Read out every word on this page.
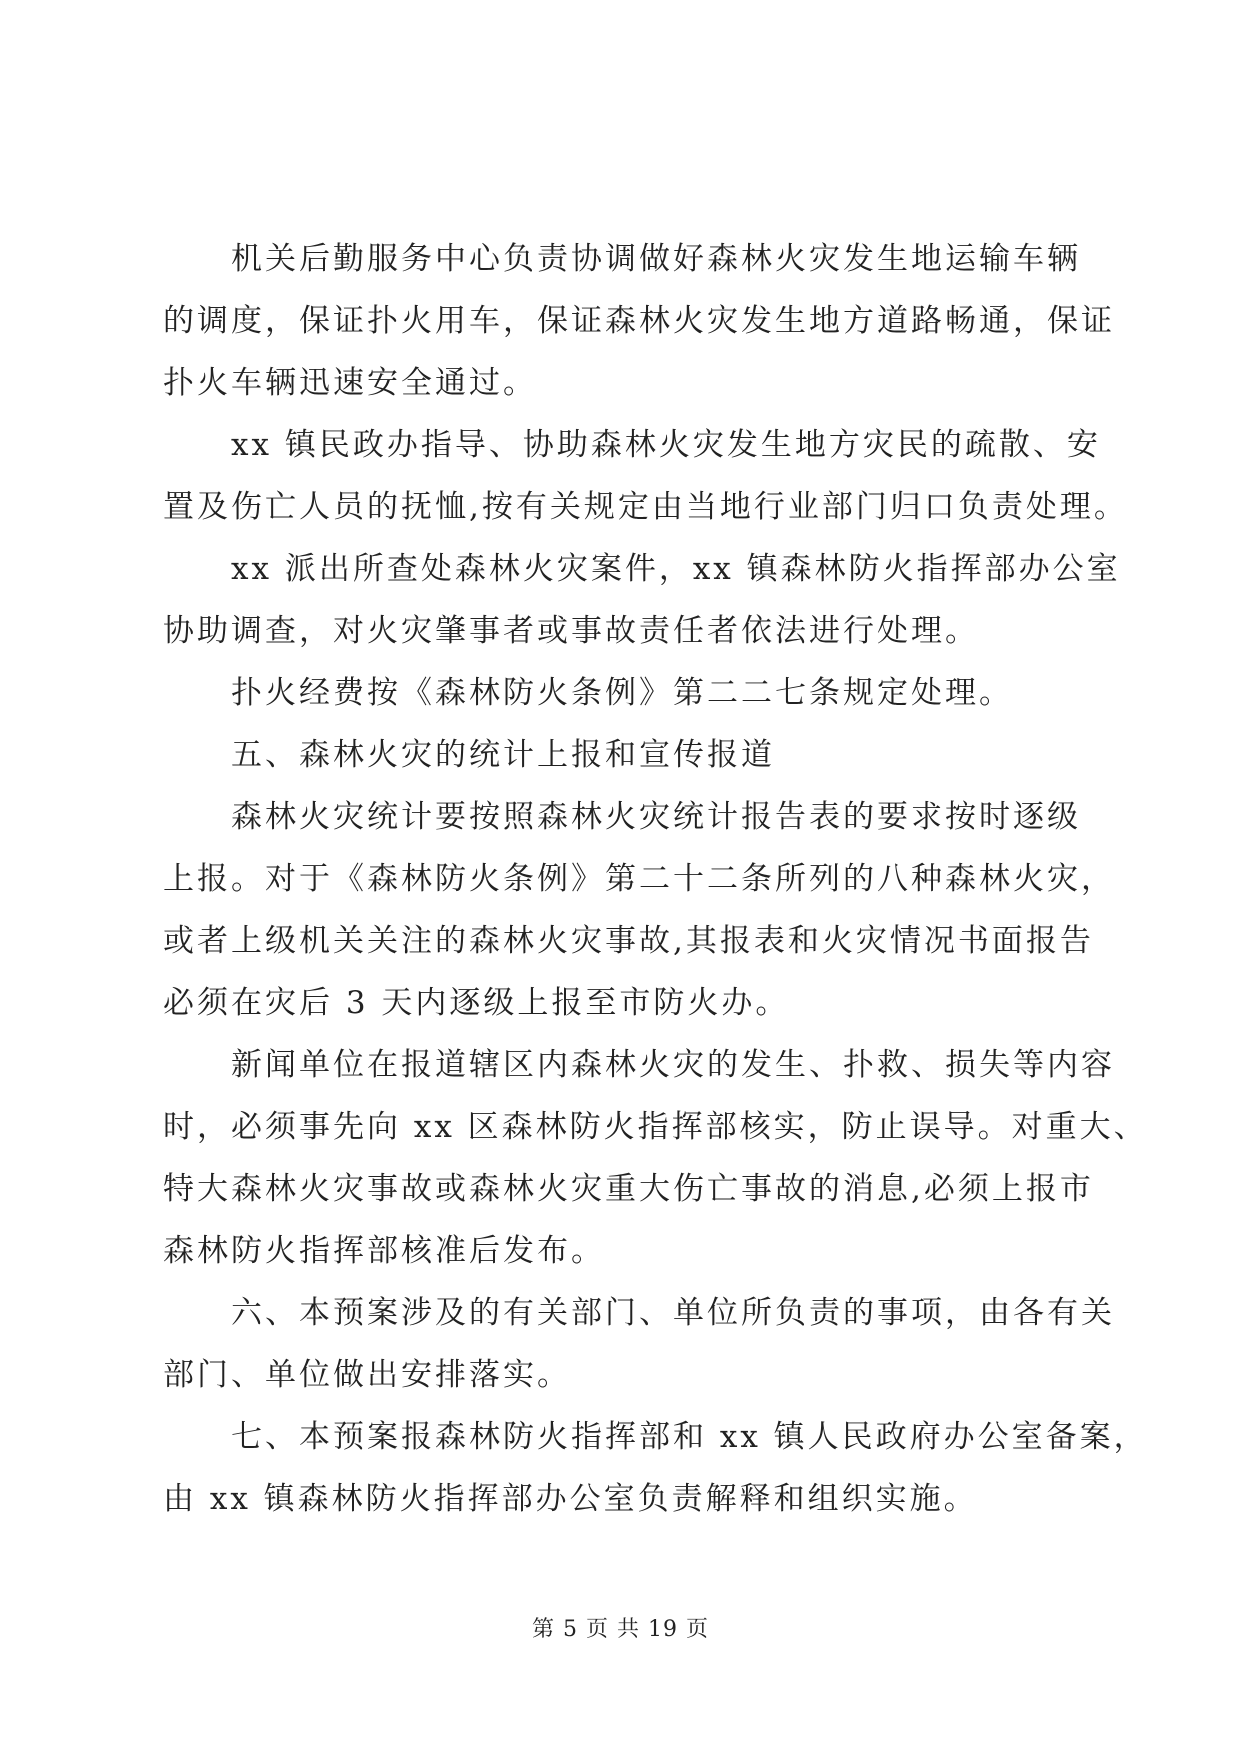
机关后勤服务中心负责协调做好森林火灾发生地运输车辆
的调度，保证扑火用车，保证森林火灾发生地方道路畅通，保证
扑火车辆迅速安全通过。
xx 镇民政办指导、协助森林火灾发生地方灾民的疏散、安
置及伤亡人员的抚恤,按有关规定由当地行业部门归口负责处理。
xx 派出所查处森林火灾案件，xx 镇森林防火指挥部办公室
协助调查，对火灾肇事者或事故责任者依法进行处理。
扑火经费按《森林防火条例》第二二七条规定处理。
五、森林火灾的统计上报和宣传报道
森林火灾统计要按照森林火灾统计报告表的要求按时逐级
上报。对于《森林防火条例》第二十二条所列的八种森林火灾，
或者上级机关关注的森林火灾事故,其报表和火灾情况书面报告
必须在灾后 3 天内逐级上报至市防火办。
新闻单位在报道辖区内森林火灾的发生、扑救、损失等内容
时，必须事先向 xx 区森林防火指挥部核实，防止误导。对重大、
特大森林火灾事故或森林火灾重大伤亡事故的消息,必须上报市
森林防火指挥部核准后发布。
六、本预案涉及的有关部门、单位所负责的事项，由各有关
部门、单位做出安排落实。
七、本预案报森林防火指挥部和 xx 镇人民政府办公室备案，
由 xx 镇森林防火指挥部办公室负责解释和组织实施。
第 5 页 共 19 页
